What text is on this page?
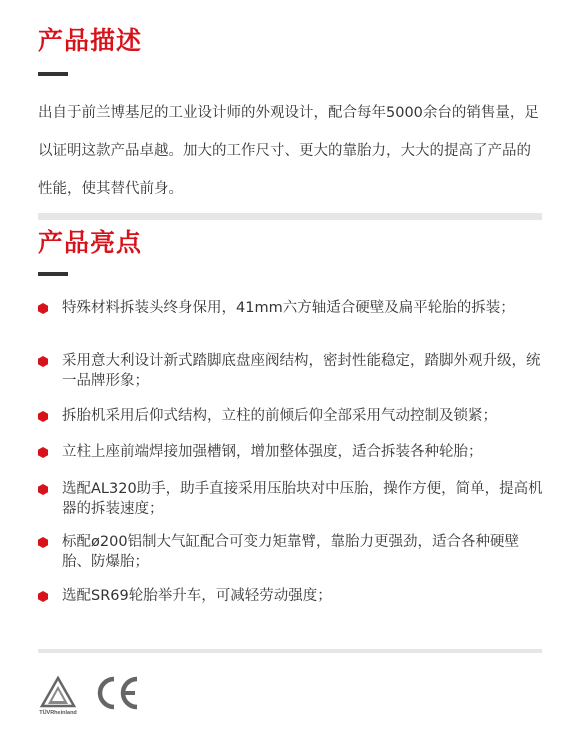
产品描述

出自于前兰博基尼的工业设计师的外观设计，配合每年5000余台的销售量，足以证明这款产品卓越。加大的工作尺寸、更大的靠胎力，大大的提高了产品的性能，使其替代前身。

产品亮点
特殊材料拆装头终身保用，41mm六方轴适合硬壁及扁平轮胎的拆装；
采用意大利设计新式踏脚底盘座阀结构，密封性能稳定，踏脚外观升级，统一品牌形象；
拆胎机采用后仰式结构，立柱的前倾后仰全部采用气动控制及锁紧；
立柱上座前端焊接加强槽钢，增加整体强度，适合拆装各种轮胎；
选配AL320助手，助手直接采用压胎块对中压胎，操作方便，简单，提高机器的拆装速度；
标配ø200铝制大气缸配合可变力矩靠臂，靠胎力更强劲，适合各种硬壁胎、防爆胎；
选配SR69轮胎举升车，可减轻劳动强度；
TÜVRheinland
